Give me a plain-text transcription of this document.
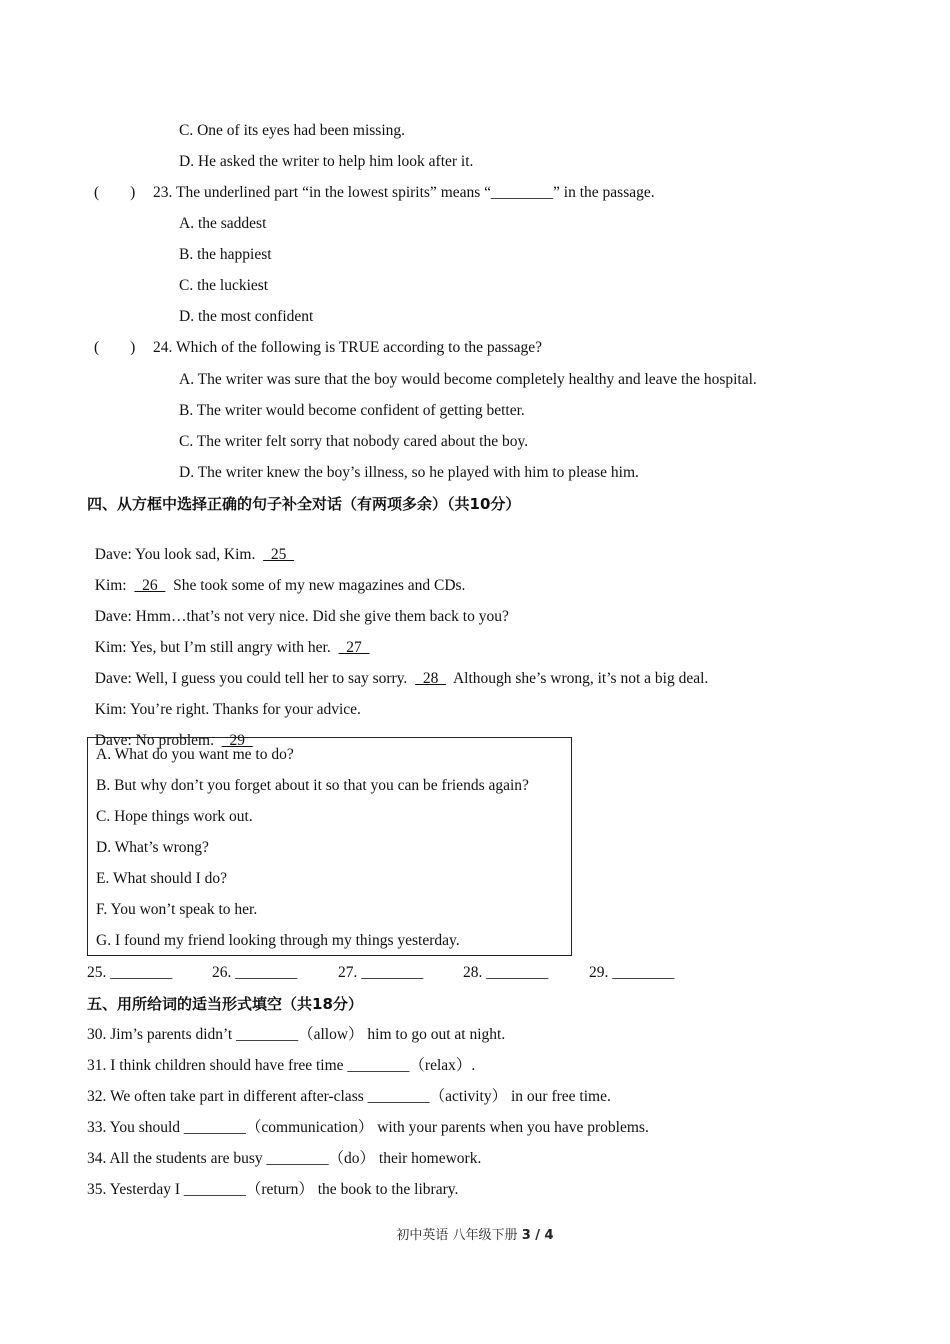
C. One of its eyes had been missing.
D. He asked the writer to help him look after it.
(　　) 23. The underlined part “in the lowest spirits” means “________” in the passage.
A. the saddest
B. the happiest
C. the luckiest
D. the most confident
(　　) 24. Which of the following is TRUE according to the passage?
A. The writer was sure that the boy would become completely healthy and leave the hospital.
B. The writer would become confident of getting better.
C. The writer felt sorry that nobody cared about the boy.
D. The writer knew the boy’s illness, so he played with him to please him.
四、从方框中选择正确的句子补全对话（有两项多余）（共10分）

Dave: You look sad, Kim.    25

Kim:    26    She took some of my new magazines and CDs.

Dave: Hmm…that’s not very nice. Did she give them back to you?

Kim: Yes, but I’m still angry with her.    27

Dave: Well, I guess you could tell her to say sorry.    28    Although she’s wrong, it’s not a big deal.

Kim: You’re right. Thanks for your advice.

Dave: No problem.    29

A. What do you want me to do?
B. But why don’t you forget about it so that you can be friends again?
C. Hope things work out.
D. What’s wrong?
E. What should I do?
F. You won’t speak to her.
G. I found my friend looking through my things yesterday.
25. ________	26. ________	27. ________	28. ________	29. ________
五、用所给词的适当形式填空（共18分）
30. Jim’s parents didn’t ________（allow） him to go out at night.
31. I think children should have free time ________（relax）.
32. We often take part in different after-class ________（activity） in our free time.
33. You should ________（communication） with your parents when you have problems.
34. All the students are busy ________（do） their homework.
35. Yesterday I ________（return） the book to the library.
初中英语 八年级下册 3 / 4
